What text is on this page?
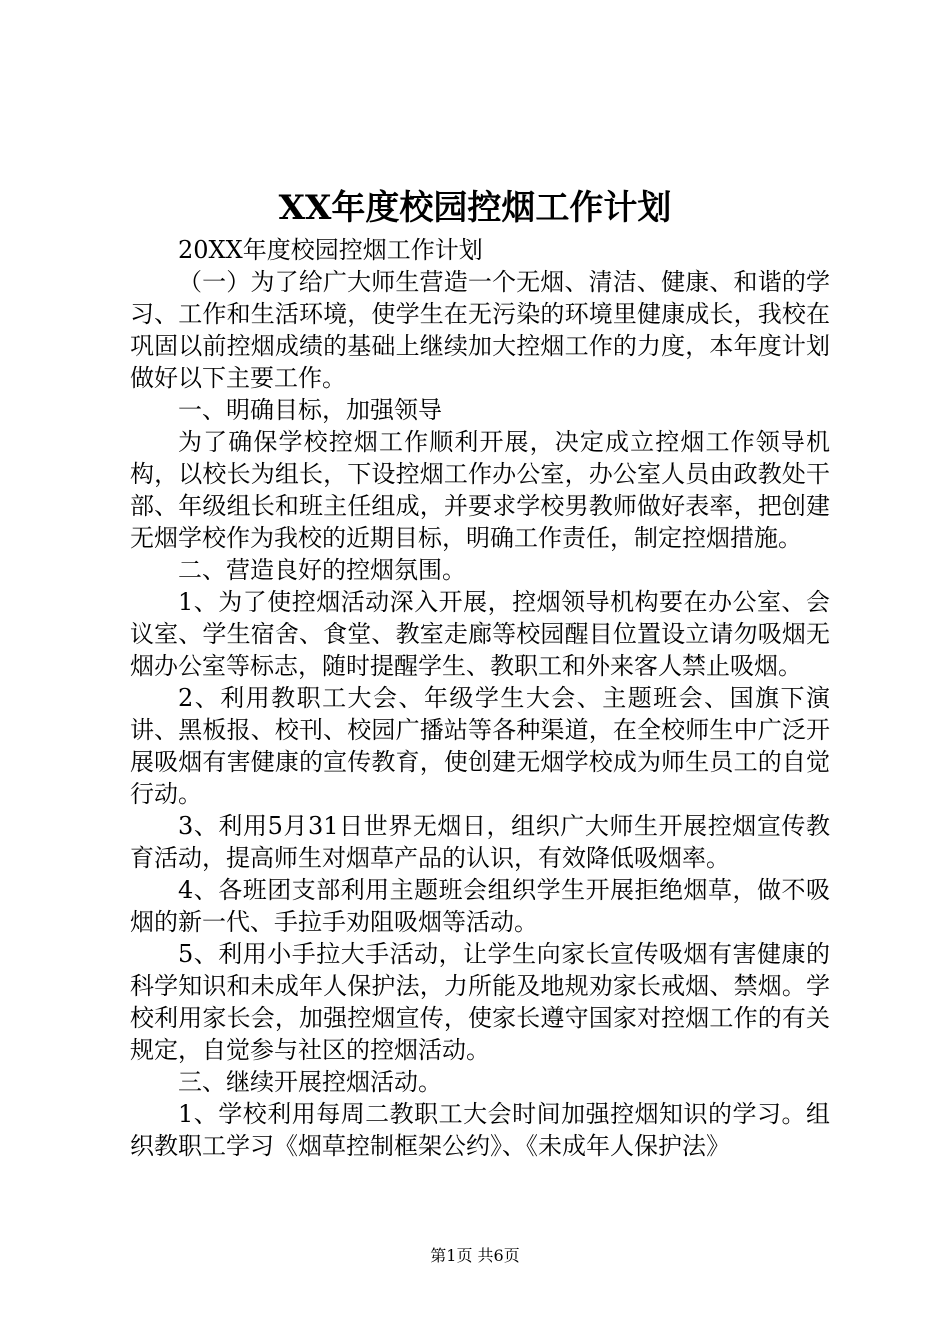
XX年度校园控烟工作计划

20XX年度校园控烟工作计划

（一）为了给广大师生营造一个无烟、清洁、健康、和谐的学习、工作和生活环境，使学生在无污染的环境里健康成长，我校在巩固以前控烟成绩的基础上继续加大控烟工作的力度，本年度计划做好以下主要工作。

一、明确目标，加强领导

为了确保学校控烟工作顺利开展，决定成立控烟工作领导机构，以校长为组长，下设控烟工作办公室，办公室人员由政教处干部、年级组长和班主任组成，并要求学校男教师做好表率，把创建无烟学校作为我校的近期目标，明确工作责任，制定控烟措施。

二、营造良好的控烟氛围。

1、为了使控烟活动深入开展，控烟领导机构要在办公室、会议室、学生宿舍、食堂、教室走廊等校园醒目位置设立请勿吸烟无烟办公室等标志，随时提醒学生、教职工和外来客人禁止吸烟。

2、利用教职工大会、年级学生大会、主题班会、国旗下演讲、黑板报、校刊、校园广播站等各种渠道，在全校师生中广泛开展吸烟有害健康的宣传教育，使创建无烟学校成为师生员工的自觉行动。

3、利用5月31日世界无烟日，组织广大师生开展控烟宣传教育活动，提高师生对烟草产品的认识，有效降低吸烟率。

4、各班团支部利用主题班会组织学生开展拒绝烟草，做不吸烟的新一代、手拉手劝阻吸烟等活动。

5、利用小手拉大手活动，让学生向家长宣传吸烟有害健康的科学知识和未成年人保护法，力所能及地规劝家长戒烟、禁烟。学校利用家长会，加强控烟宣传，使家长遵守国家对控烟工作的有关规定，自觉参与社区的控烟活动。

三、继续开展控烟活动。

1、学校利用每周二教职工大会时间加强控烟知识的学习。组织教职工学习《烟草控制框架公约》、《未成年人保护法》

第1页 共6页
